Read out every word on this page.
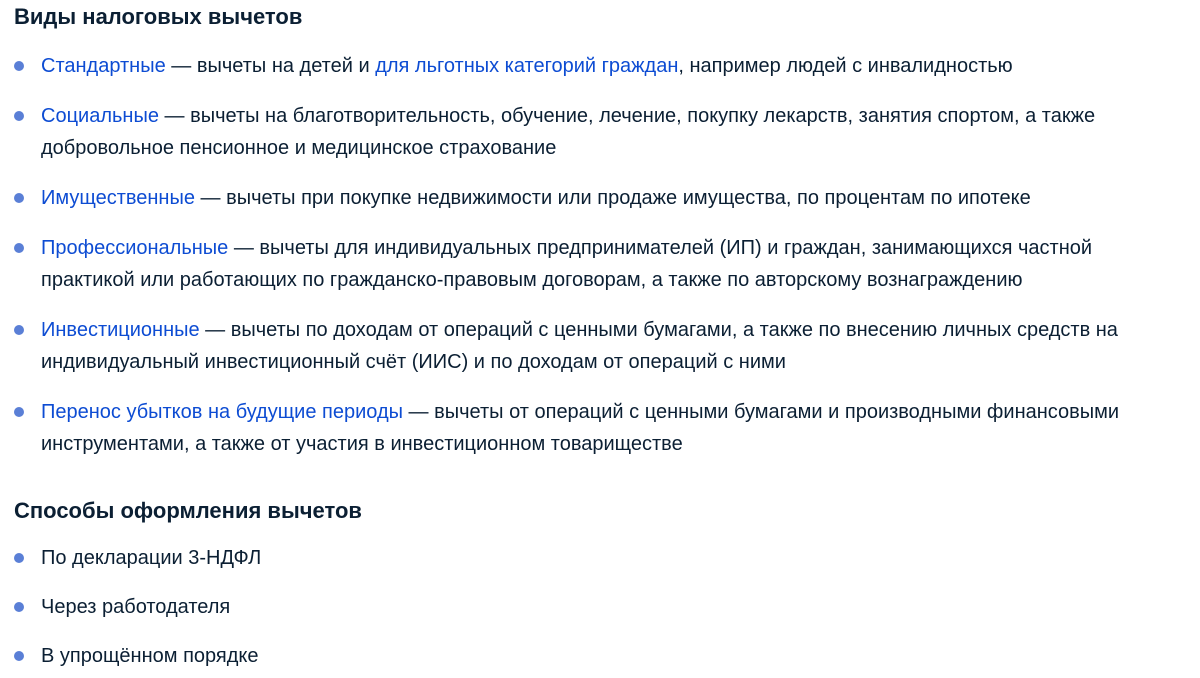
Виды налоговых вычетов
Стандартные — вычеты на детей и для льготных категорий граждан, например людей с инвалидностью
Социальные — вычеты на благотворительность, обучение, лечение, покупку лекарств, занятия спортом, а также добровольное пенсионное и медицинское страхование
Имущественные — вычеты при покупке недвижимости или продаже имущества, по процентам по ипотеке
Профессиональные — вычеты для индивидуальных предпринимателей (ИП) и граждан, занимающихся частной практикой или работающих по гражданско-правовым договорам, а также по авторскому вознаграждению
Инвестиционные — вычеты по доходам от операций с ценными бумагами, а также по внесению личных средств на индивидуальный инвестиционный счёт (ИИС) и по доходам от операций с ними
Перенос убытков на будущие периоды — вычеты от операций с ценными бумагами и производными финансовыми инструментами, а также от участия в инвестиционном товариществе
Способы оформления вычетов
По декларации 3-НДФЛ
Через работодателя
В упрощённом порядке
